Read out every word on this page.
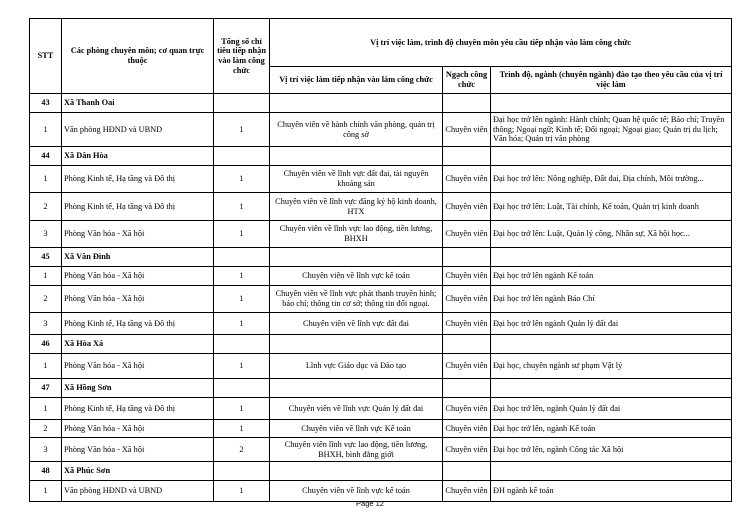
STT	Các phòng chuyên môn; cơ quan trực thuộc	Tổng số chỉ tiêu tiếp nhận vào làm công chức	Vị trí việc làm, trình độ chuyên môn yêu cầu tiếp nhận vào làm công chức		
			Vị trí việc làm tiếp nhận vào làm công chức	Ngạch công chức	Trình độ, ngành (chuyên ngành) đào tạo theo yêu cầu của vị trí việc làm
43	Xã Thanh Oai				
1	Văn phòng HĐND và UBND	1	Chuyên viên về hành chính văn phòng, quản trị công sở	Chuyên viên	Đại học trở lên ngành: Hành chính; Quan hệ quốc tế; Báo chí; Truyền thông; Ngoại ngữ; Kinh tế; Đối ngoại; Ngoại giao; Quản trị du lịch; Văn hóa; Quản trị văn phòng
44	Xã Dân Hòa				
1	Phòng Kinh tế, Hạ tầng và Đô thị	1	Chuyên viên về lĩnh vực đất đai, tài nguyên khoáng sản	Chuyên viên	Đại học trở lên: Nông nghiệp, Đất đai, Địa chính, Môi trường...
2	Phòng Kinh tế, Hạ tầng và Đô thị	1	Chuyên viên về lĩnh vực đăng ký hộ kinh doanh, HTX	Chuyên viên	Đại học trở lên: Luật, Tài chính, Kế toán, Quản trị kinh doanh
3	Phòng Văn hóa - Xã hội	1	Chuyên viên về lĩnh vực lao động, tiền lương, BHXH	Chuyên viên	Đại học trở lên: Luật, Quản lý công, Nhân sự, Xã hội học...
45	Xã Vân Đình				
1	Phòng Văn hóa - Xã hội	1	Chuyên viên về lĩnh vực kế toán	Chuyên viên	Đại học trở lên ngành Kế toán
2	Phòng Văn hóa - Xã hội	1	Chuyên viên về lĩnh vực phát thanh truyền hình; báo chí; thông tin cơ sở; thông tin đối ngoại.	Chuyên viên	Đại học trở lên ngành Báo Chí
3	Phòng Kinh tế, Hạ tầng và Đô thị	1	Chuyên viên về lĩnh vực đất đai	Chuyên viên	Đại học trở lên ngành Quản lý đất đai
46	Xã Hòa Xá				
1	Phòng Văn hóa - Xã hội	1	Lĩnh vực Giáo dục và Đào tạo	Chuyên viên	Đại học, chuyên ngành sư phạm Vật lý
47	Xã Hồng Sơn				
1	Phòng Kinh tế, Hạ tầng và Đô thị	1	Chuyên viên về lĩnh vực Quản lý đất đai	Chuyên viên	Đại học trở lên, ngành Quản lý đất đai
2	Phòng Văn hóa - Xã hội	1	Chuyên viên về lĩnh vực Kế toán	Chuyên viên	Đại học trở lên, ngành Kế toán
3	Phòng Văn hóa - Xã hội	2	Chuyên viên lĩnh vực lao động, tiền lương, BHXH, bình đẳng giới	Chuyên viên	Đại học trở lên, ngành Công tác Xã hội
48	Xã Phúc Sơn				
1	Văn phòng HĐND và UBND	1	Chuyên viên về lĩnh vực kế toán	Chuyên viên	ĐH ngành kế toán
Page 12
